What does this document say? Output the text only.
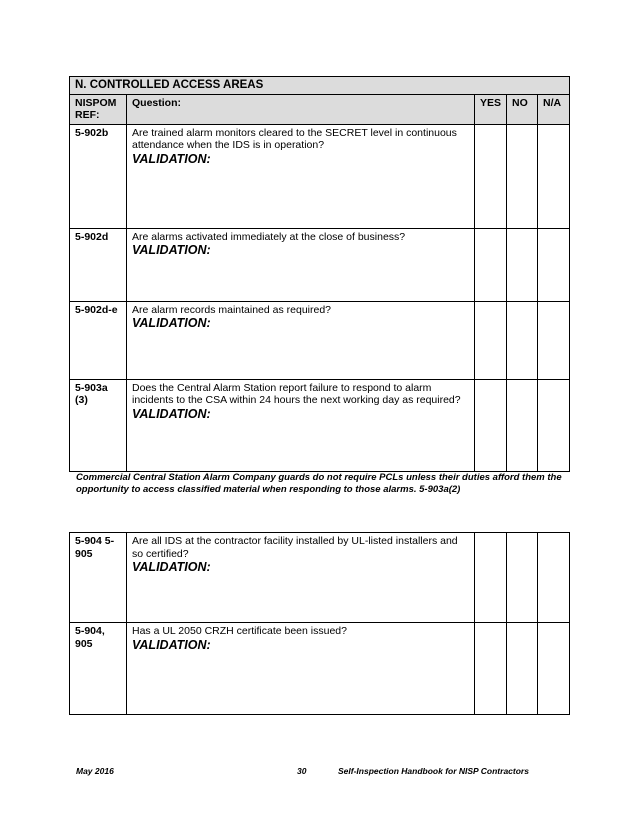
N. CONTROLLED ACCESS AREAS				
NISPOM REF:	Question:	YES	NO	N/A
5-902b	Are trained alarm monitors cleared to the SECRET level in continuous attendance when the IDS is in operation?
VALIDATION:			

5-902d	Are alarms activated immediately at the close of business?
VALIDATION:			

5-902d-e	Are alarm records maintained as required?
VALIDATION:			

5-903a (3)	Does the Central Alarm Station report failure to respond to alarm incidents to the CSA within 24 hours the next working day as required?
VALIDATION:			

Commercial Central Station Alarm Company guards do not require PCLs unless their duties afford them the opportunity to access classified material when responding to those alarms. 5-903a(2)
5-904 5-905	Are all IDS at the contractor facility installed by UL-listed installers and so certified?
VALIDATION:			

5-904, 905	Has a UL 2050 CRZH certificate been issued?
VALIDATION:			

May 2016	30	Self-Inspection Handbook for NISP Contractors
